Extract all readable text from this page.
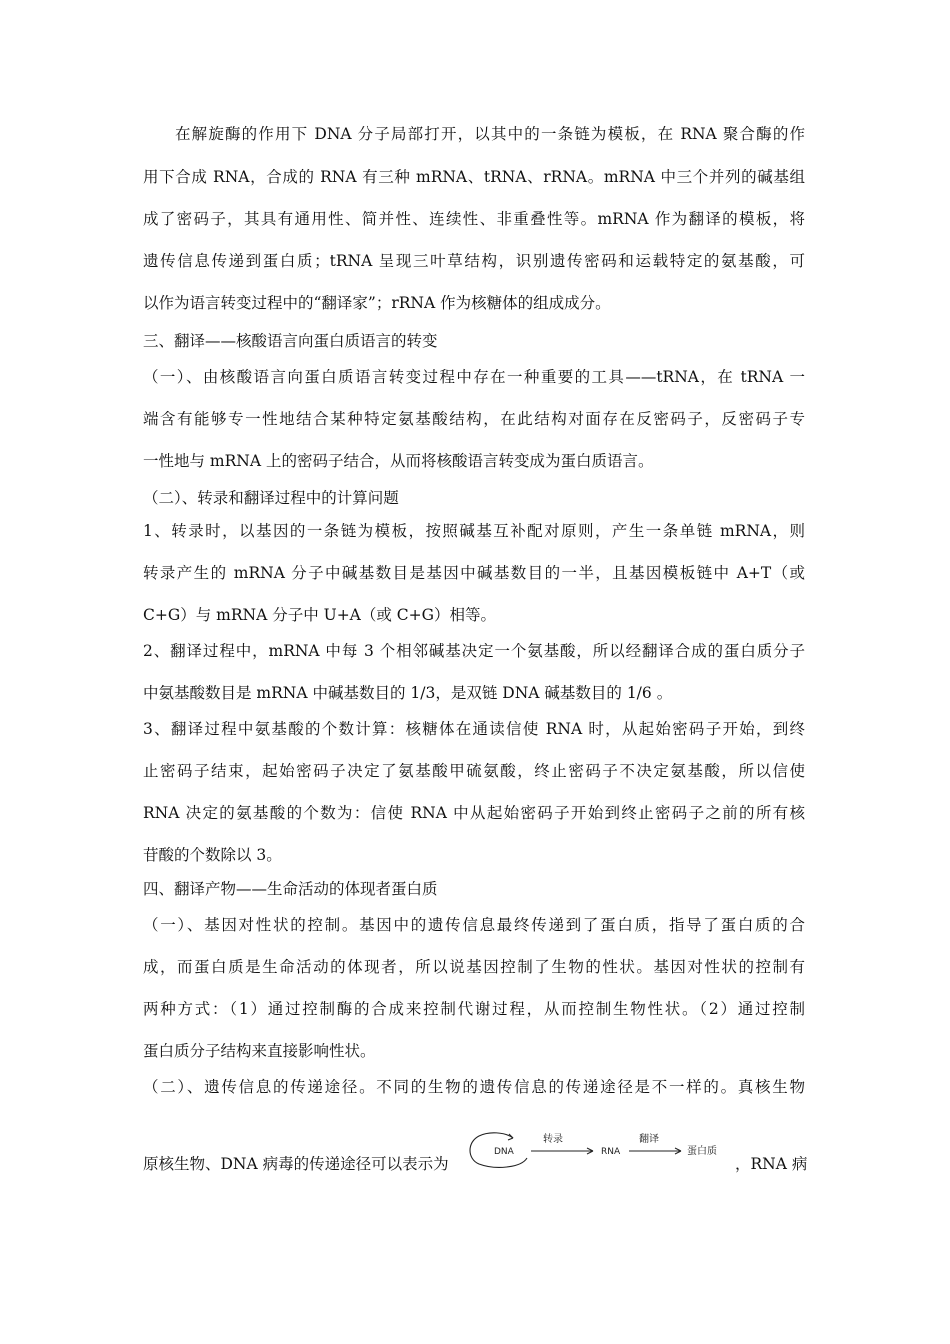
在解旋酶的作用下 DNA 分子局部打开，以其中的一条链为模板，在 RNA 聚合酶的作
用下合成 RNA，合成的 RNA 有三种 mRNA、tRNA、rRNA。mRNA 中三个并列的碱基组
成了密码子，其具有通用性、简并性、连续性、非重叠性等。mRNA 作为翻译的模板，将
遗传信息传递到蛋白质；tRNA 呈现三叶草结构，识别遗传密码和运载特定的氨基酸，可
以作为语言转变过程中的“翻译家”；rRNA 作为核糖体的组成成分。
三、翻译——核酸语言向蛋白质语言的转变
（一）、由核酸语言向蛋白质语言转变过程中存在一种重要的工具——tRNA，在 tRNA 一
端含有能够专一性地结合某种特定氨基酸结构，在此结构对面存在反密码子，反密码子专
一性地与 mRNA 上的密码子结合，从而将核酸语言转变成为蛋白质语言。
（二）、转录和翻译过程中的计算问题
1、转录时，以基因的一条链为模板，按照碱基互补配对原则，产生一条单链 mRNA，则
转录产生的 mRNA 分子中碱基数目是基因中碱基数目的一半，且基因模板链中 A+T（或
C+G）与 mRNA 分子中 U+A（或 C+G）相等。
2、翻译过程中，mRNA 中每 3 个相邻碱基决定一个氨基酸，所以经翻译合成的蛋白质分子
中氨基酸数目是 mRNA 中碱基数目的 1/3，是双链 DNA 碱基数目的 1/6 。
3、翻译过程中氨基酸的个数计算：核糖体在通读信使 RNA 时，从起始密码子开始，到终
止密码子结束，起始密码子决定了氨基酸甲硫氨酸，终止密码子不决定氨基酸，所以信使
RNA 决定的氨基酸的个数为：信使 RNA 中从起始密码子开始到终止密码子之前的所有核
苷酸的个数除以 3。
四、翻译产物——生命活动的体现者蛋白质
（一）、基因对性状的控制。基因中的遗传信息最终传递到了蛋白质，指导了蛋白质的合
成，而蛋白质是生命活动的体现者，所以说基因控制了生物的性状。基因对性状的控制有
两种方式：（1）通过控制酶的合成来控制代谢过程，从而控制生物性状。（2）通过控制
蛋白质分子结构来直接影响性状。
（二）、遗传信息的传递途径。不同的生物的遗传信息的传递途径是不一样的。真核生物
原核生物、DNA 病毒的传递途径可以表示为
DNA
转录
RNA
翻译
蛋白质
，RNA 病
